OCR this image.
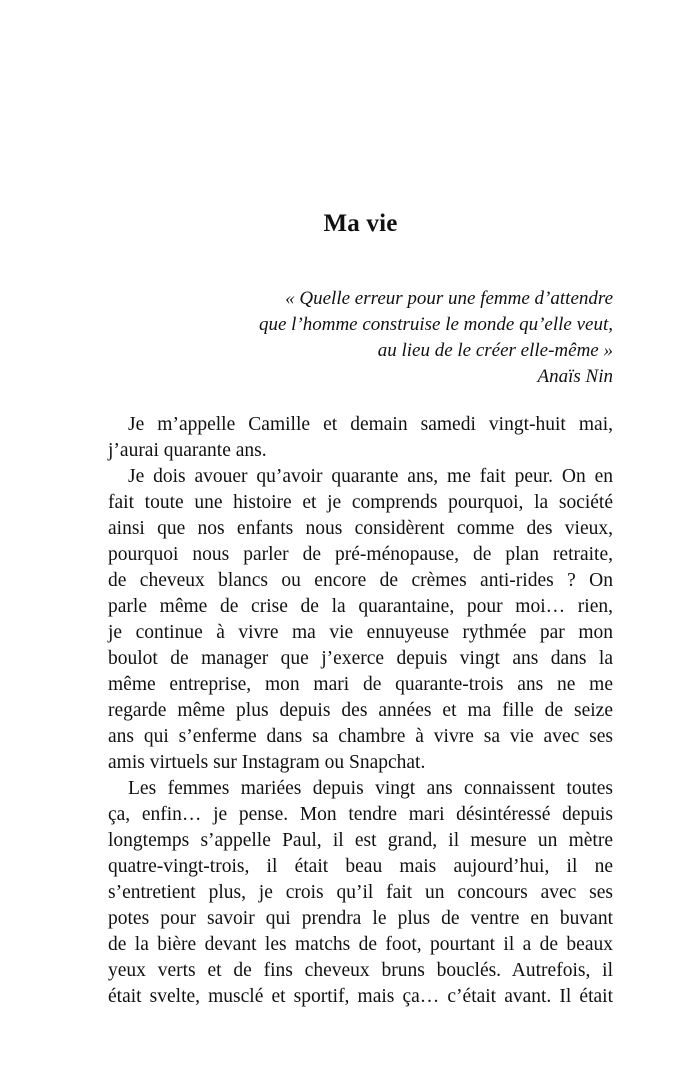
Ma vie
« Quelle erreur pour une femme d’attendre
que l’homme construise le monde qu’elle veut,
au lieu de le créer elle-même »
Anaïs Nin
Je m’appelle Camille et demain samedi vingt-huit mai,
j’aurai quarante ans.
Je dois avouer qu’avoir quarante ans, me fait peur. On en
fait toute une histoire et je comprends pourquoi, la société
ainsi que nos enfants nous considèrent comme des vieux,
pourquoi nous parler de pré-ménopause, de plan retraite,
de cheveux blancs ou encore de crèmes anti-rides ? On
parle même de crise de la quarantaine, pour moi… rien,
je continue à vivre ma vie ennuyeuse rythmée par mon
boulot de manager que j’exerce depuis vingt ans dans la
même entreprise, mon mari de quarante-trois ans ne me
regarde même plus depuis des années et ma fille de seize
ans qui s’enferme dans sa chambre à vivre sa vie avec ses
amis virtuels sur Instagram ou Snapchat.
Les femmes mariées depuis vingt ans connaissent toutes
ça, enfin… je pense. Mon tendre mari désintéressé depuis
longtemps s’appelle Paul, il est grand, il mesure un mètre
quatre-vingt-trois, il était beau mais aujourd’hui, il ne
s’entretient plus, je crois qu’il fait un concours avec ses
potes pour savoir qui prendra le plus de ventre en buvant
de la bière devant les matchs de foot, pourtant il a de beaux
yeux verts et de fins cheveux bruns bouclés. Autrefois, il
était svelte, musclé et sportif, mais ça… c’était avant. Il était
